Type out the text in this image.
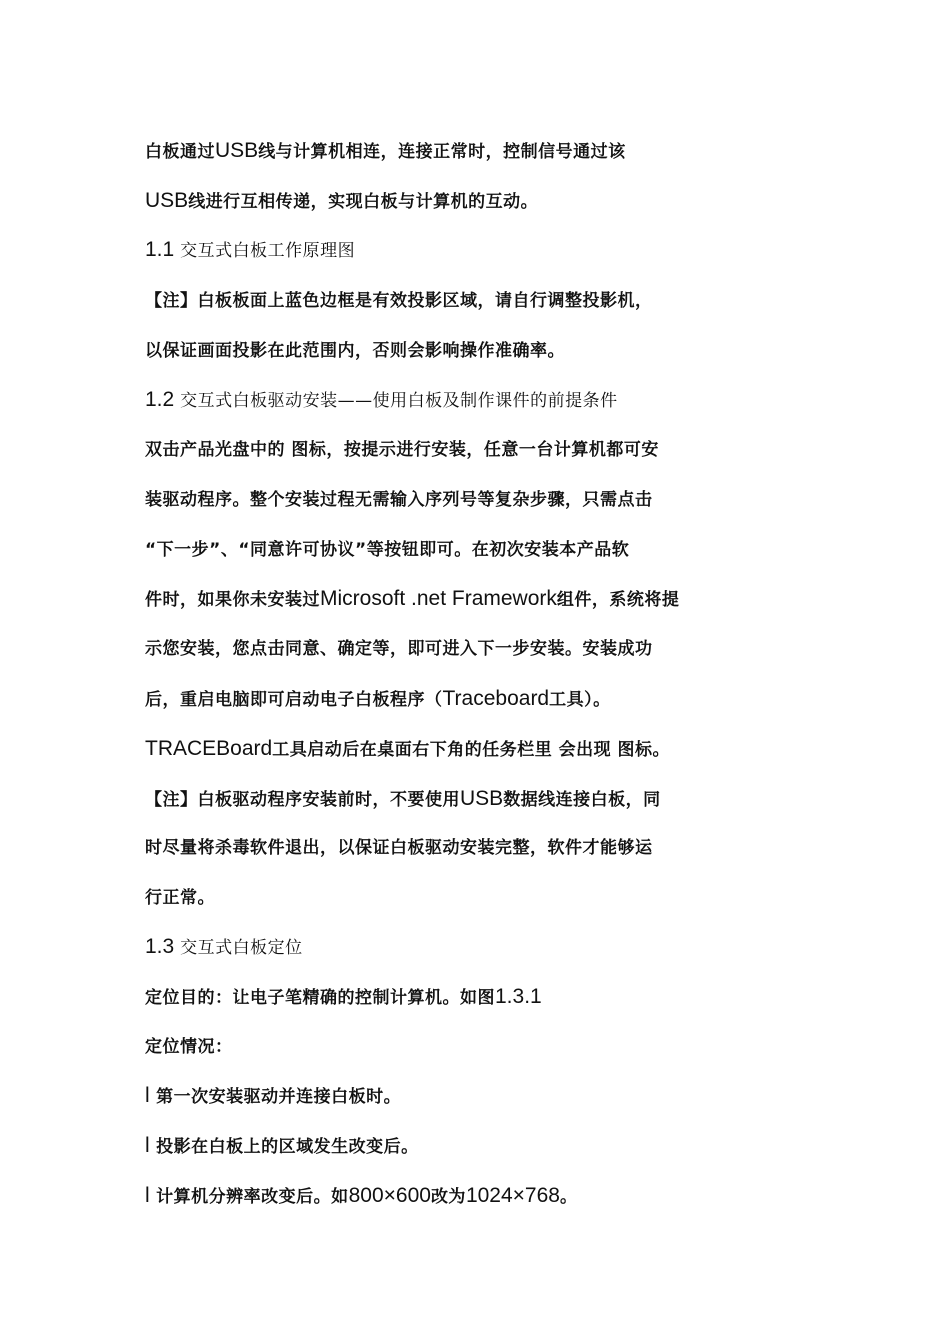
白板通过USB线与计算机相连，连接正常时，控制信号通过该
USB线进行互相传递，实现白板与计算机的互动。
1.1 交互式白板工作原理图
【注】白板板面上蓝色边框是有效投影区域，请自行调整投影机，
以保证画面投影在此范围内，否则会影响操作准确率。
1.2 交互式白板驱动安装——使用白板及制作课件的前提条件
双击产品光盘中的 图标，按提示进行安装，任意一台计算机都可安
装驱动程序。整个安装过程无需输入序列号等复杂步骤，只需点击
“下一步”、“同意许可协议”等按钮即可。在初次安装本产品软
件时，如果你未安装过Microsoft .net Framework组件，系统将提
示您安装，您点击同意、确定等，即可进入下一步安装。安装成功
后，重启电脑即可启动电子白板程序（Traceboard工具）。
TRACEBoard工具启动后在桌面右下角的任务栏里 会出现 图标。
【注】白板驱动程序安装前时，不要使用USB数据线连接白板，同
时尽量将杀毒软件退出，以保证白板驱动安装完整，软件才能够运
行正常。
1.3 交互式白板定位
定位目的：让电子笔精确的控制计算机。如图1.3.1
定位情况：
l 第一次安装驱动并连接白板时。
l 投影在白板上的区域发生改变后。
l 计算机分辨率改变后。如800×600改为1024×768。
